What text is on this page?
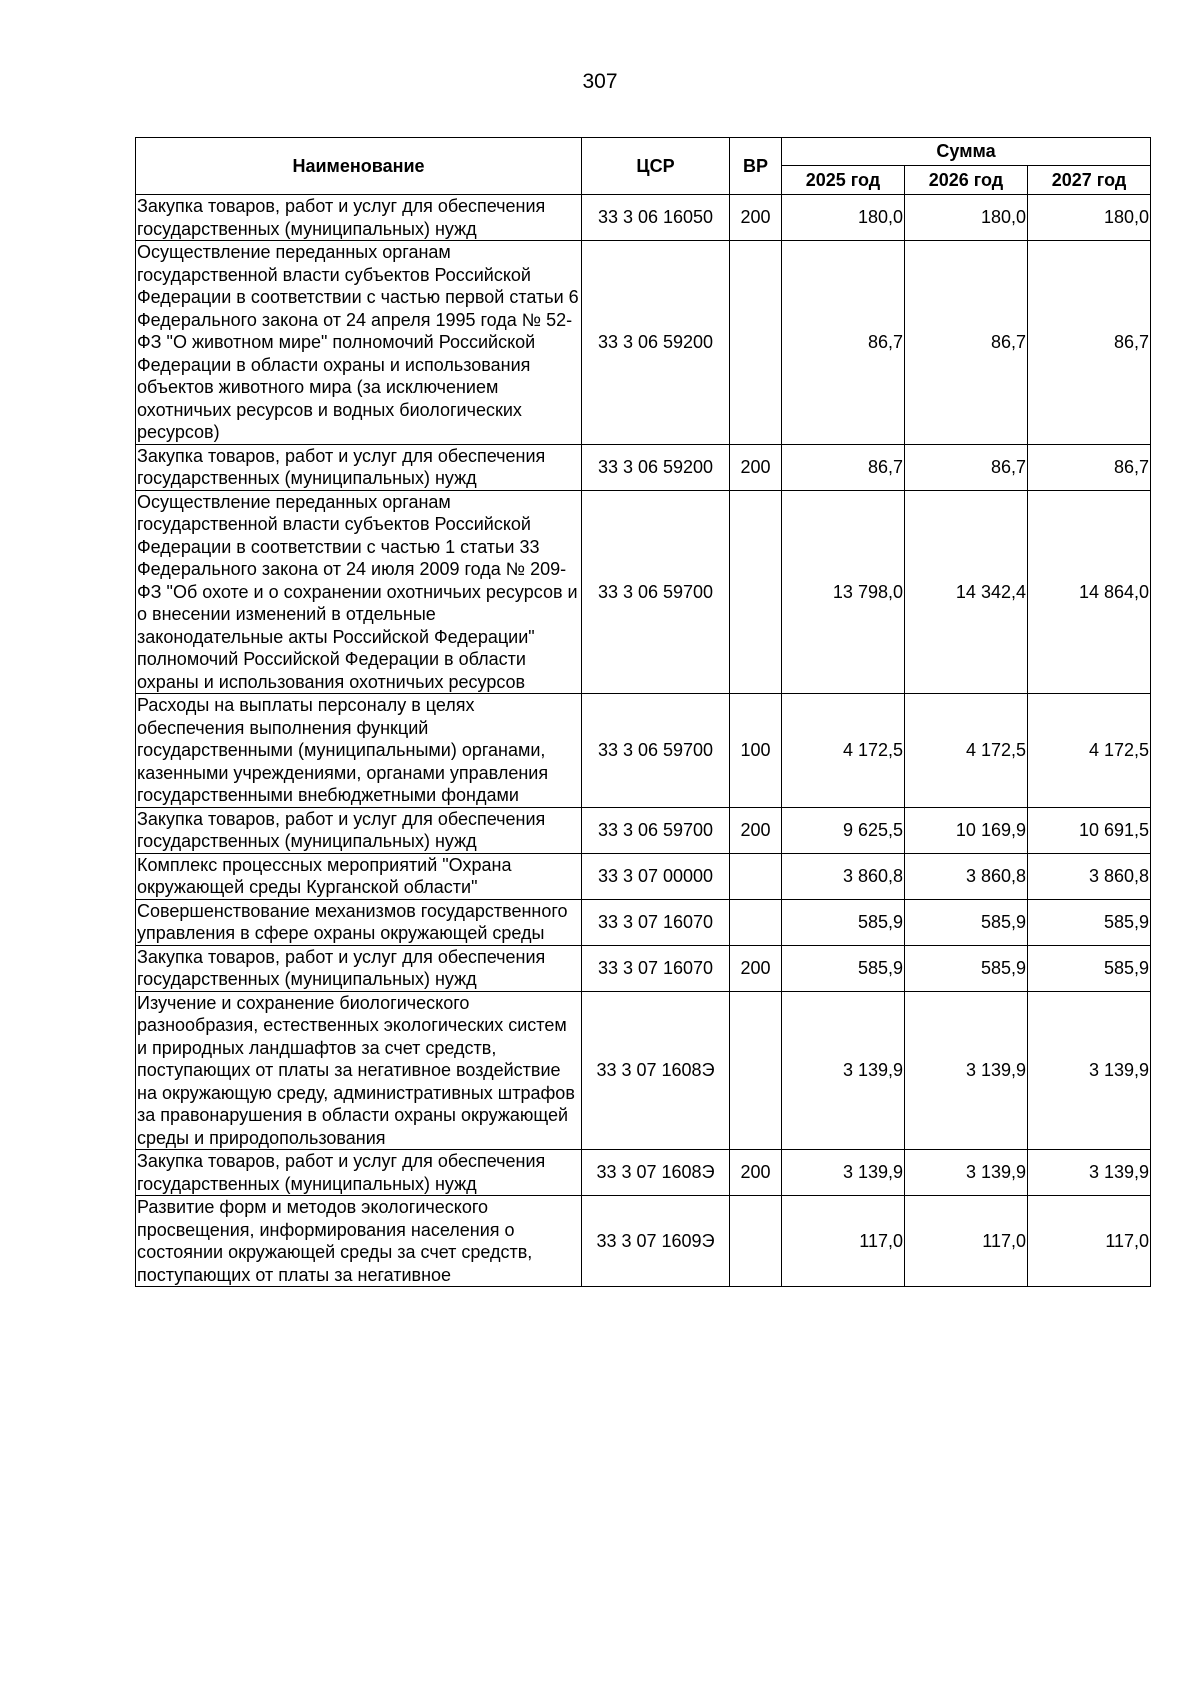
307
Наименование	ЦСР	ВР	Сумма		
			2025 год	2026 год	2027 год
Закупка товаров, работ и услуг для обеспечения государственных (муниципальных) нужд	33 3 06 16050	200	180,0	180,0	180,0
Осуществление переданных органам государственной власти субъектов Российской Федерации в соответствии с частью первой статьи 6 Федерального закона от 24 апреля 1995 года № 52-ФЗ "О животном мире" полномочий Российской Федерации в области охраны и использования объектов животного мира (за исключением охотничьих ресурсов и водных биологических ресурсов)	33 3 06 59200		86,7	86,7	86,7
Закупка товаров, работ и услуг для обеспечения государственных (муниципальных) нужд	33 3 06 59200	200	86,7	86,7	86,7
Осуществление переданных органам государственной власти субъектов Российской Федерации в соответствии с частью 1 статьи 33 Федерального закона от 24 июля 2009 года № 209-ФЗ "Об охоте и о сохранении охотничьих ресурсов и о внесении изменений в отдельные законодательные акты Российской Федерации" полномочий Российской Федерации в области охраны и использования охотничьих ресурсов	33 3 06 59700		13 798,0	14 342,4	14 864,0
Расходы на выплаты персоналу в целях обеспечения выполнения функций государственными (муниципальными) органами, казенными учреждениями, органами управления государственными внебюджетными фондами	33 3 06 59700	100	4 172,5	4 172,5	4 172,5
Закупка товаров, работ и услуг для обеспечения государственных (муниципальных) нужд	33 3 06 59700	200	9 625,5	10 169,9	10 691,5
Комплекс процессных мероприятий "Охрана окружающей среды Курганской области"	33 3 07 00000		3 860,8	3 860,8	3 860,8
Совершенствование механизмов государственного управления в сфере охраны окружающей среды	33 3 07 16070		585,9	585,9	585,9
Закупка товаров, работ и услуг для обеспечения государственных (муниципальных) нужд	33 3 07 16070	200	585,9	585,9	585,9
Изучение и сохранение биологического разнообразия, естественных экологических систем и природных ландшафтов за счет средств, поступающих от платы за негативное воздействие на окружающую среду, административных штрафов за правонарушения в области охраны окружающей среды и природопользования	33 3 07 1608Э		3 139,9	3 139,9	3 139,9
Закупка товаров, работ и услуг для обеспечения государственных (муниципальных) нужд	33 3 07 1608Э	200	3 139,9	3 139,9	3 139,9
Развитие форм и методов экологического просвещения, информирования населения о состоянии окружающей среды за счет средств, поступающих от платы за негативное	33 3 07 1609Э		117,0	117,0	117,0
